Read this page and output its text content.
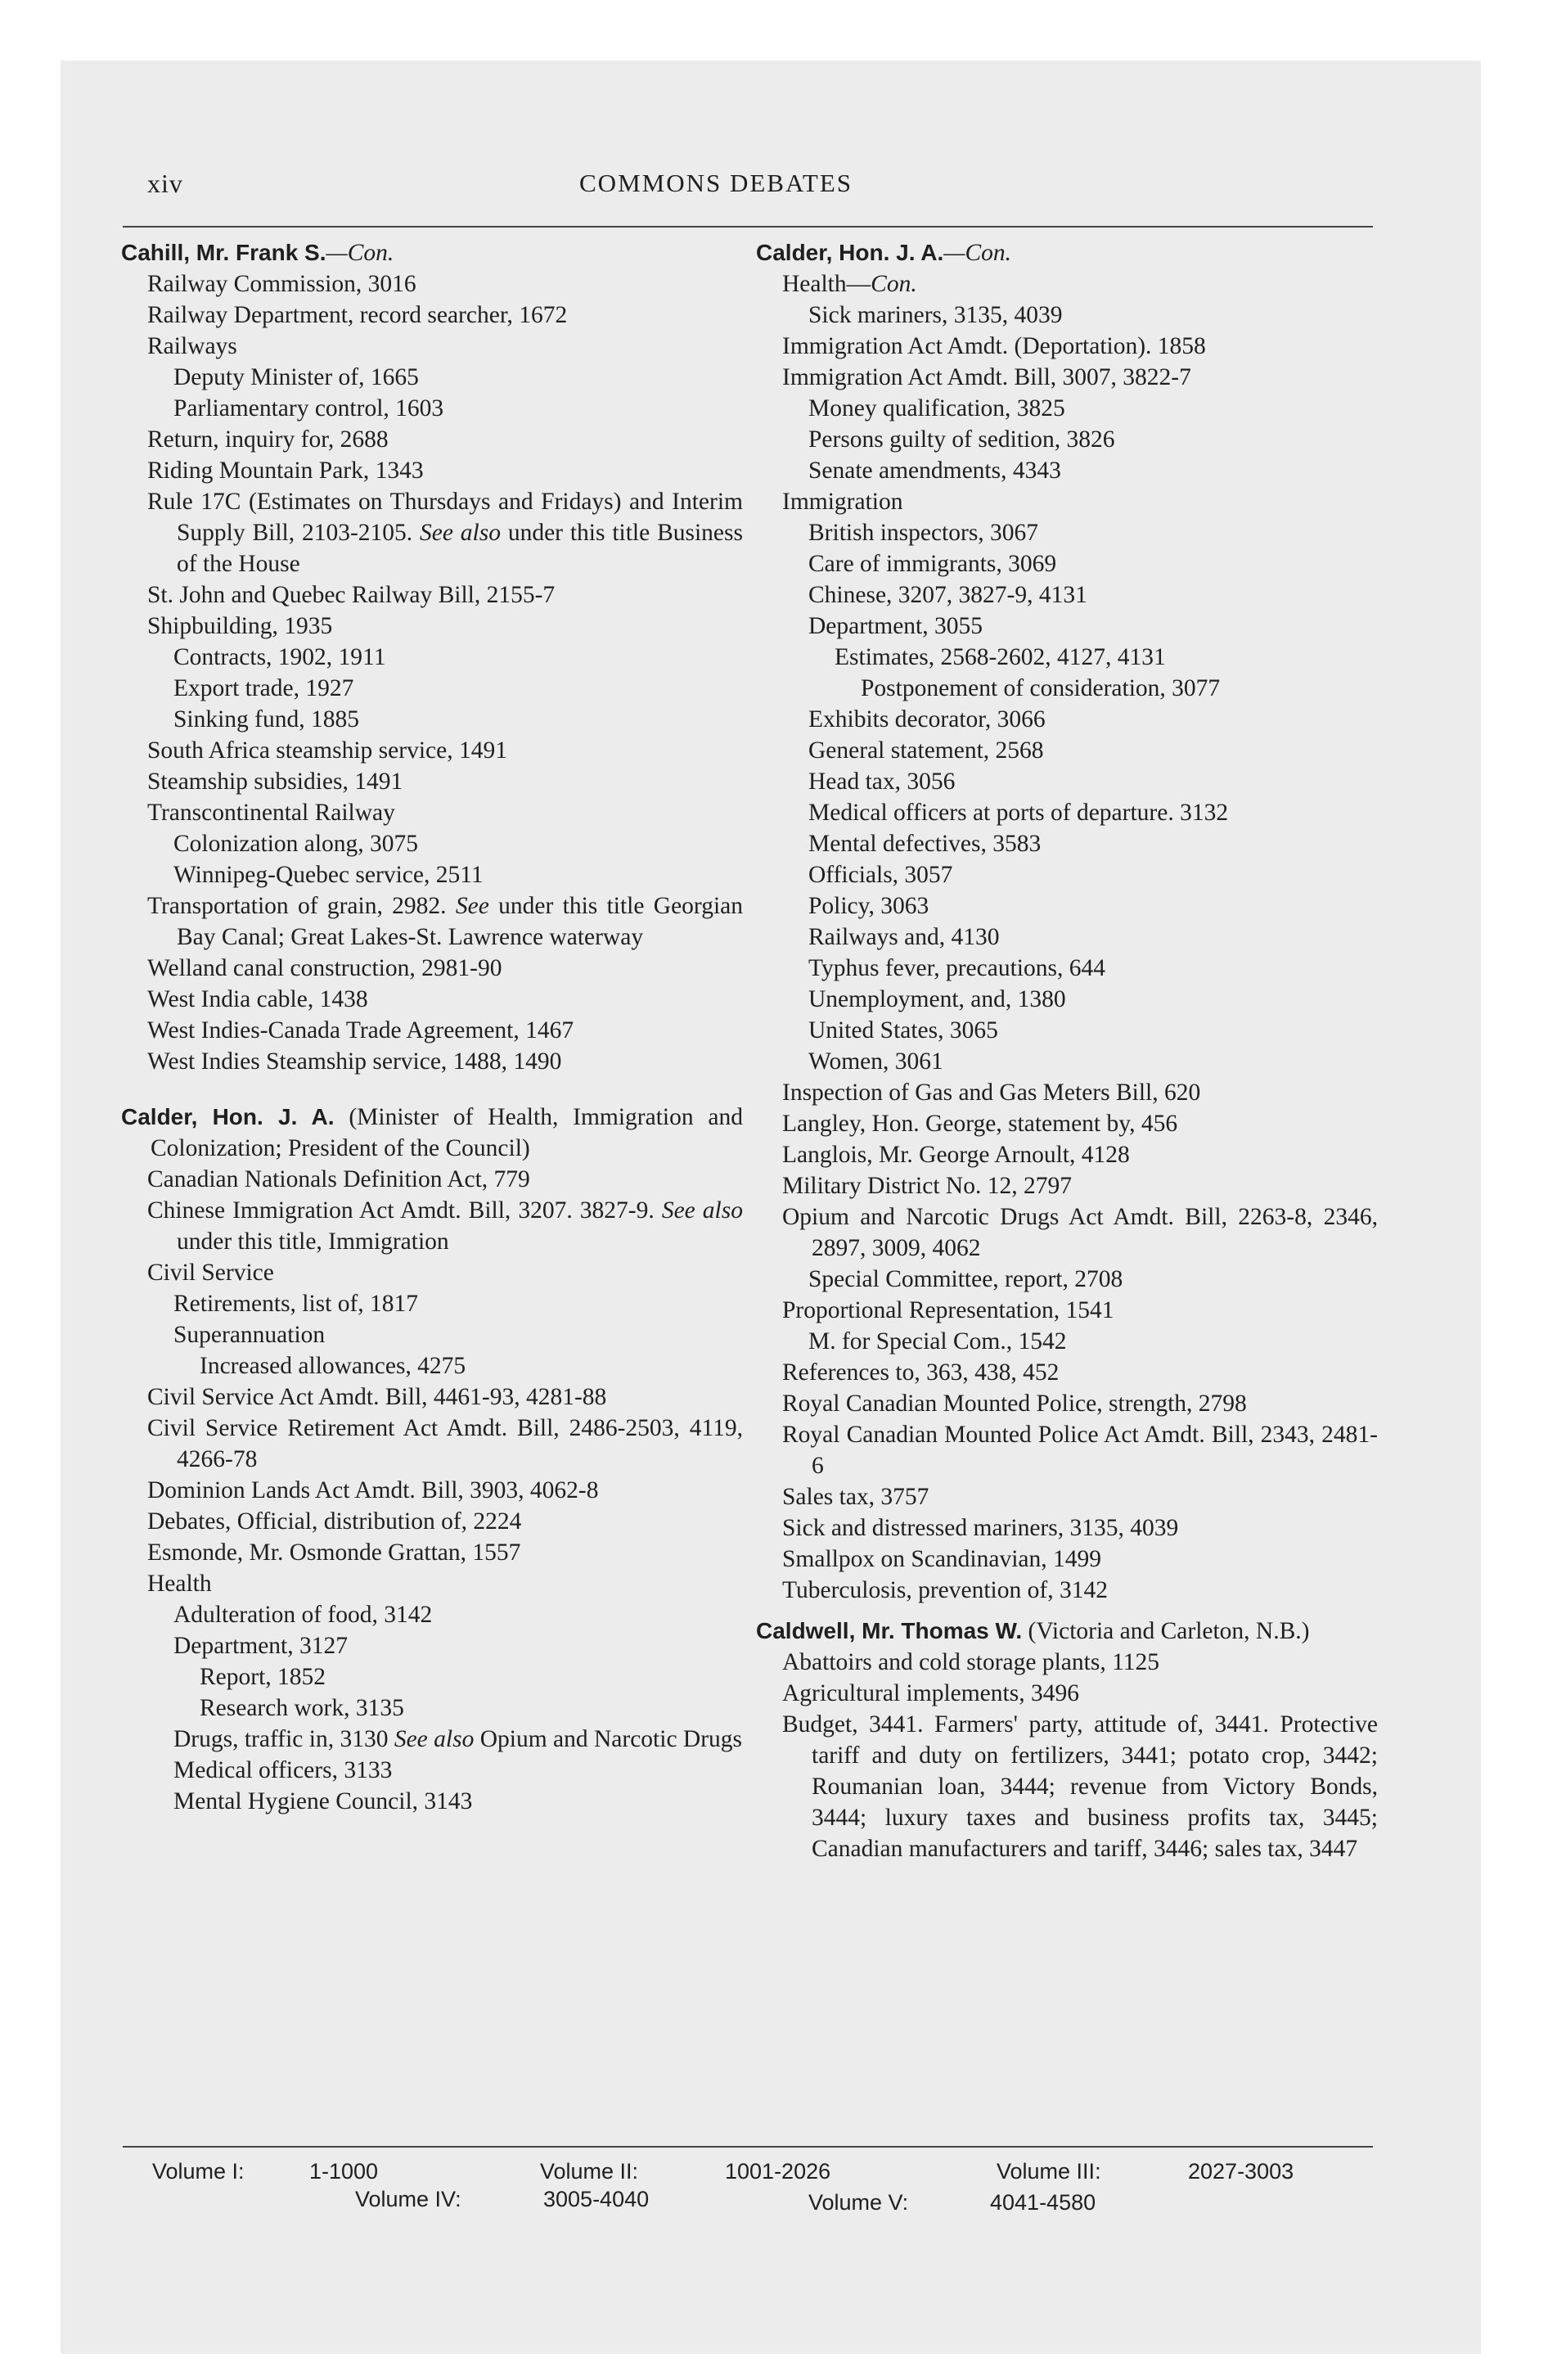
xiv	COMMONS DEBATES
Cahill, Mr. Frank S.—Con.
Railway Commission, 3016
Railway Department, record searcher, 1672
Railways
Deputy Minister of, 1665
Parliamentary control, 1603
Return, inquiry for, 2688
Riding Mountain Park, 1343
Rule 17C (Estimates on Thursdays and Fridays) and Interim Supply Bill, 2103-2105. See also under this title Business of the House
St. John and Quebec Railway Bill, 2155-7
Shipbuilding, 1935
Contracts, 1902, 1911
Export trade, 1927
Sinking fund, 1885
South Africa steamship service, 1491
Steamship subsidies, 1491
Transcontinental Railway
Colonization along, 3075
Winnipeg-Quebec service, 2511
Transportation of grain, 2982. See under this title Georgian Bay Canal; Great Lakes-St. Lawrence waterway
Welland canal construction, 2981-90
West India cable, 1438
West Indies-Canada Trade Agreement, 1467
West Indies Steamship service, 1488, 1490
Calder, Hon. J. A. (Minister of Health, Immigration and Colonization; President of the Council)
Canadian Nationals Definition Act, 779
Chinese Immigration Act Amdt. Bill, 3207. 3827-9. See also under this title, Immigration
Civil Service
Retirements, list of, 1817
Superannuation
Increased allowances, 4275
Civil Service Act Amdt. Bill, 4461-93, 4281-88
Civil Service Retirement Act Amdt. Bill, 2486-2503, 4119, 4266-78
Dominion Lands Act Amdt. Bill, 3903, 4062-8
Debates, Official, distribution of, 2224
Esmonde, Mr. Osmonde Grattan, 1557
Health
Adulteration of food, 3142
Department, 3127
Report, 1852
Research work, 3135
Drugs, traffic in, 3130 See also Opium and Narcotic Drugs
Medical officers, 3133
Mental Hygiene Council, 3143
Calder, Hon. J. A.—Con.
Health—Con.
Sick mariners, 3135, 4039
Immigration Act Amdt. (Deportation). 1858
Immigration Act Amdt. Bill, 3007, 3822-7
Money qualification, 3825
Persons guilty of sedition, 3826
Senate amendments, 4343
Immigration
British inspectors, 3067
Care of immigrants, 3069
Chinese, 3207, 3827-9, 4131
Department, 3055
Estimates, 2568-2602, 4127, 4131
Postponement of consideration, 3077
Exhibits decorator, 3066
General statement, 2568
Head tax, 3056
Medical officers at ports of departure. 3132
Mental defectives, 3583
Officials, 3057
Policy, 3063
Railways and, 4130
Typhus fever, precautions, 644
Unemployment, and, 1380
United States, 3065
Women, 3061
Inspection of Gas and Gas Meters Bill, 620
Langley, Hon. George, statement by, 456
Langlois, Mr. George Arnoult, 4128
Military District No. 12, 2797
Opium and Narcotic Drugs Act Amdt. Bill, 2263-8, 2346, 2897, 3009, 4062
Special Committee, report, 2708
Proportional Representation, 1541
M. for Special Com., 1542
References to, 363, 438, 452
Royal Canadian Mounted Police, strength, 2798
Royal Canadian Mounted Police Act Amdt. Bill, 2343, 2481-6
Sales tax, 3757
Sick and distressed mariners, 3135, 4039
Smallpox on Scandinavian, 1499
Tuberculosis, prevention of, 3142
Caldwell, Mr. Thomas W. (Victoria and Carleton, N.B.)
Abattoirs and cold storage plants, 1125
Agricultural implements, 3496
Budget, 3441. Farmers' party, attitude of, 3441. Protective tariff and duty on fertilizers, 3441; potato crop, 3442; Roumanian loan, 3444; revenue from Victory Bonds, 3444; luxury taxes and business profits tax, 3445; Canadian manufacturers and tariff, 3446; sales tax, 3447
Volume I:	1-1000	Volume II:	1001-2026	Volume III:	2027-3003
Volume IV:	3005-4040	Volume V:	4041-4580
